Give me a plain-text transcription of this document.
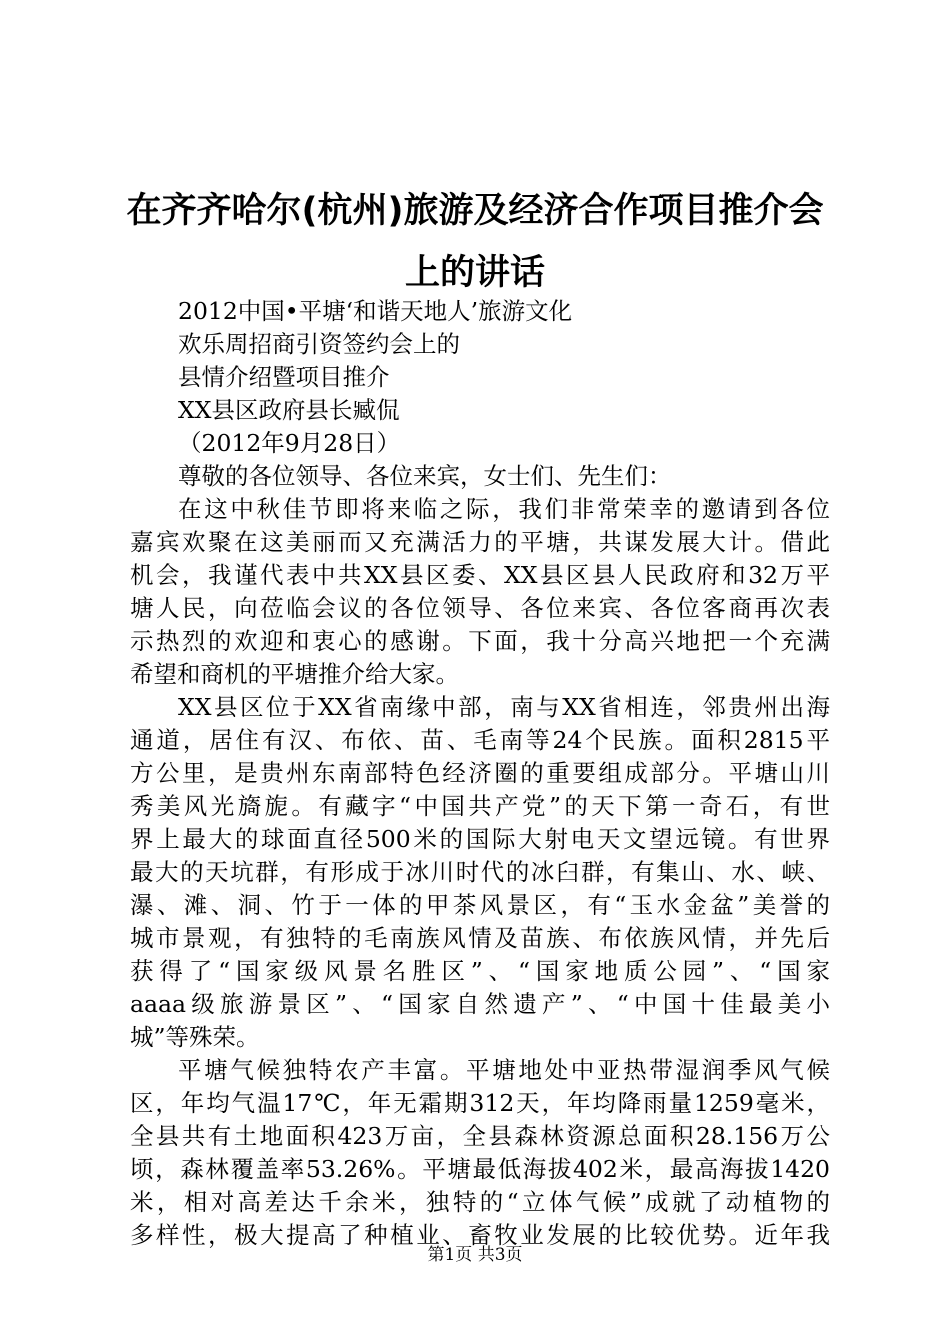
在齐齐哈尔(杭州)旅游及经济合作项目推介会
上的讲话
2012中国•平塘‘和谐天地人’旅游文化
欢乐周招商引资签约会上的
县情介绍暨项目推介
XX县区政府县长臧侃
（2012年9月28日）
尊敬的各位领导、各位来宾，女士们、先生们：
在这中秋佳节即将来临之际，我们非常荣幸的邀请到各位
嘉宾欢聚在这美丽而又充满活力的平塘，共谋发展大计。借此
机会，我谨代表中共XX县区委、XX县区县人民政府和32万平
塘人民，向莅临会议的各位领导、各位来宾、各位客商再次表
示热烈的欢迎和衷心的感谢。下面，我十分高兴地把一个充满
希望和商机的平塘推介给大家。
XX县区位于XX省南缘中部，南与XX省相连，邻贵州出海
通道，居住有汉、布依、苗、毛南等24个民族。面积2815平
方公里，是贵州东南部特色经济圈的重要组成部分。平塘山川
秀美风光旖旎。有藏字“中国共产党”的天下第一奇石，有世
界上最大的球面直径500米的国际大射电天文望远镜。有世界
最大的天坑群，有形成于冰川时代的冰臼群，有集山、水、峡、
瀑、滩、洞、竹于一体的甲茶风景区，有“玉水金盆”美誉的
城市景观，有独特的毛南族风情及苗族、布依族风情，并先后
获得了“国家级风景名胜区”、“国家地质公园”、“国家
aaaa级旅游景区”、“国家自然遗产”、“中国十佳最美小
城”等殊荣。
平塘气候独特农产丰富。平塘地处中亚热带湿润季风气候
区，年均气温17℃，年无霜期312天，年均降雨量1259毫米，
全县共有土地面积423万亩，全县森林资源总面积28.156万公
顷，森林覆盖率53.26%。平塘最低海拔402米，最高海拔1420
米，相对高差达千余米，独特的“立体气候”成就了动植物的
多样性，极大提高了种植业、畜牧业发展的比较优势。近年我
第1页 共3页
